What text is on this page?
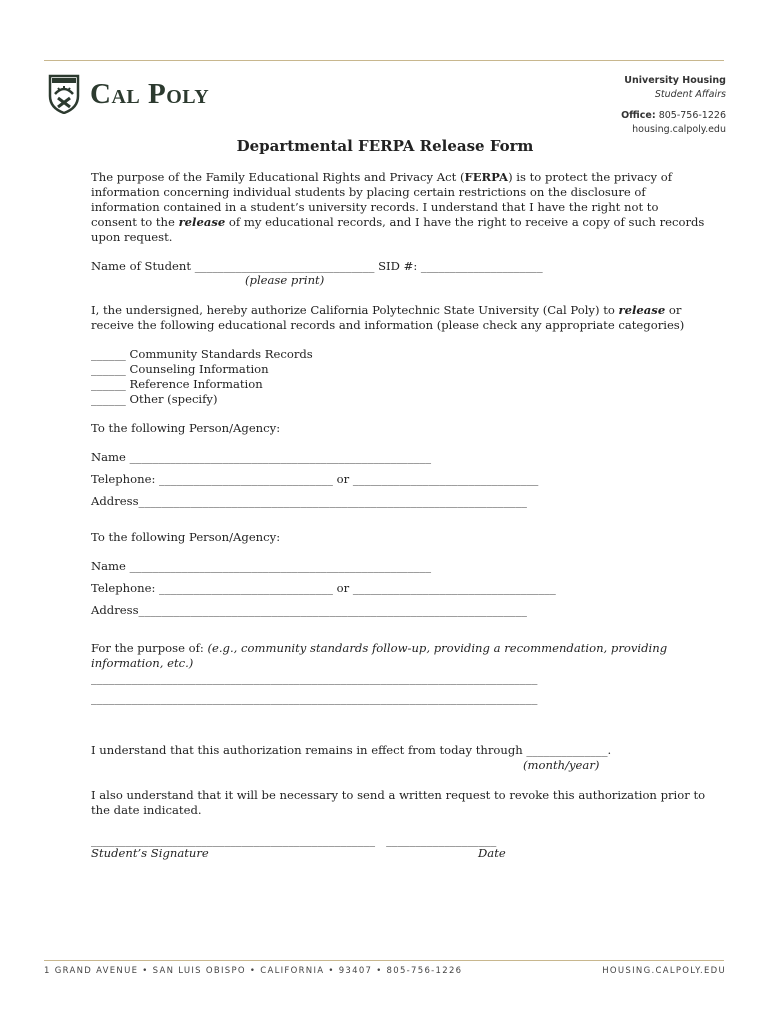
Cal Poly	University Housing
Student Affairs
Office: 805-756-1226
housing.calpoly.edu
Departmental FERPA Release Form
The purpose of the Family Educational Rights and Privacy Act (FERPA) is to protect the privacy of
information concerning individual students by placing certain restrictions on the disclosure of
information contained in a student’s university records. I understand that I have the right not to
consent to the release of my educational records, and I have the right to receive a copy of such records
upon request.
Name of Student _______________________________ SID #: _____________________
(please print)
I, the undersigned, hereby authorize California Polytechnic State University (Cal Poly) to release or
receive the following educational records and information (please check any appropriate categories)
______ Community Standards Records
______ Counseling Information
______ Reference Information
______ Other (specify)
To the following Person/Agency:
Name ____________________________________________________
Telephone: ______________________________ or ________________________________
Address___________________________________________________________________
To the following Person/Agency:
Name ____________________________________________________
Telephone: ______________________________ or ___________________________________
Address___________________________________________________________________
For the purpose of: (e.g., community standards follow-up, providing a recommendation, providing
information, etc.)
_____________________________________________________________________________
_____________________________________________________________________________
I understand that this authorization remains in effect from today through ______________.
(month/year)
I also understand that it will be necessary to send a written request to revoke this authorization prior to
the date indicated.
_________________________________________________   ___________________
Student’s Signature	Date
1 GRAND AVENUE • SAN LUIS OBISPO • CALIFORNIA • 93407 • 805-756-1226	HOUSING.CALPOLY.EDU
